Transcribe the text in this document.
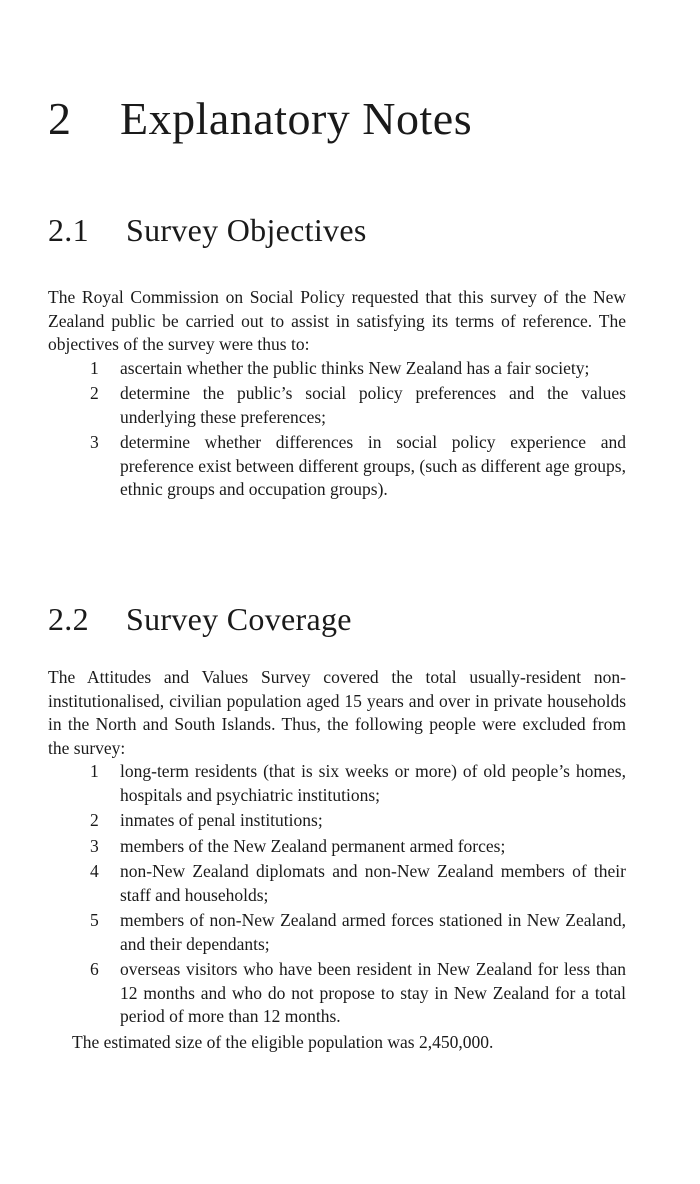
2 Explanatory Notes
2.1 Survey Objectives

The Royal Commission on Social Policy requested that this survey of the New Zealand public be carried out to assist in satisfying its terms of reference. The objectives of the survey were thus to:

1 ascertain whether the public thinks New Zealand has a fair society;
2 determine the public’s social policy preferences and the values underlying these preferences;
3 determine whether differences in social policy experience and preference exist between different groups, (such as different age groups, ethnic groups and occupation groups).
2.2 Survey Coverage

The Attitudes and Values Survey covered the total usually-resident non-institutionalised, civilian population aged 15 years and over in private households in the North and South Islands. Thus, the following people were excluded from the survey:

1 long-term residents (that is six weeks or more) of old people’s homes, hospitals and psychiatric institutions;
2 inmates of penal institutions;
3 members of the New Zealand permanent armed forces;
4 non-New Zealand diplomats and non-New Zealand members of their staff and households;
5 members of non-New Zealand armed forces stationed in New Zealand, and their dependants;
6 overseas visitors who have been resident in New Zealand for less than 12 months and who do not propose to stay in New Zealand for a total period of more than 12 months.

The estimated size of the eligible population was 2,450,000.
